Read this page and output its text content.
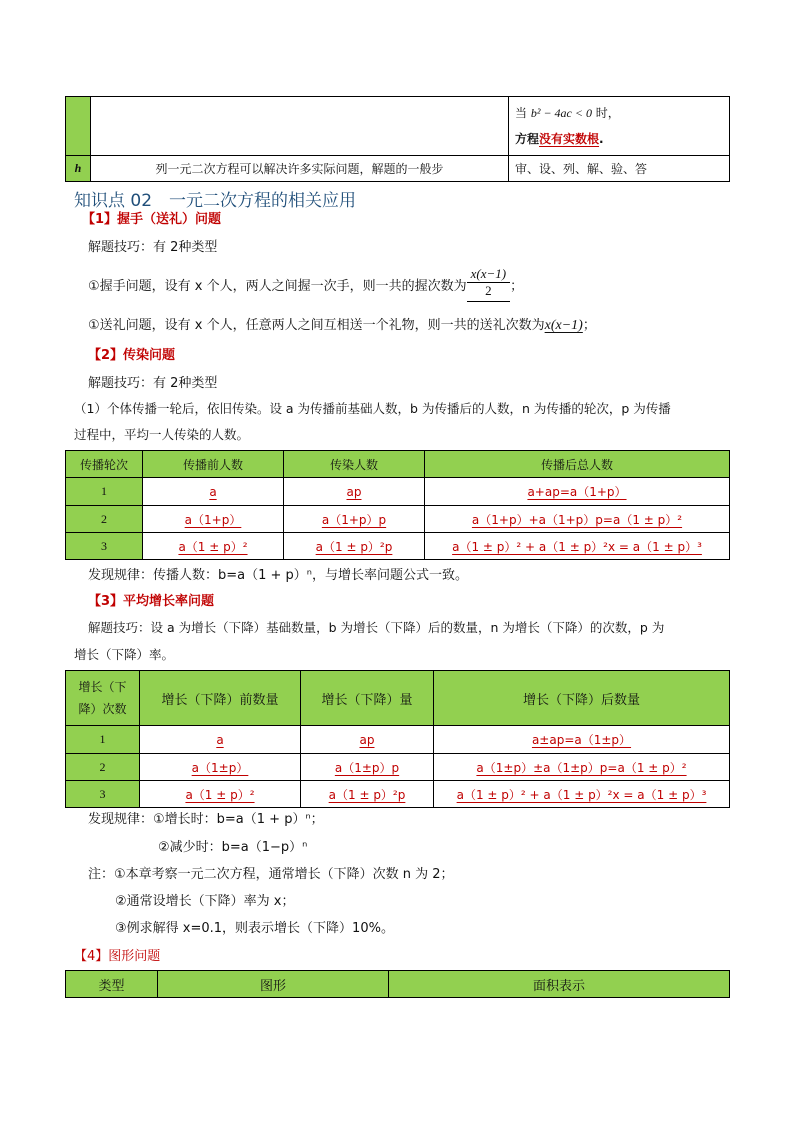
		当 b² − 4ac < 0 时，
方程没有实数根.

h	列一元二次方程可以解决许多实际问题，解题的一般步	审、设、列、解、验、答
知识点 02　一元二次方程的相关应用
【1】握手（送礼）问题
解题技巧：有 2种类型
①握手问题，设有 x 个人，两人之间握一次手，则一共的握次数为 $\frac{x(x-1)}{2}$ ；
①送礼问题，设有 x 个人，任意两人之间互相送一个礼物，则一共的送礼次数为x(x−1)；
【2】传染问题
解题技巧：有 2种类型
（1）个体传播一轮后，依旧传染。设 a 为传播前基础人数，b 为传播后的人数，n 为传播的轮次，p 为传播
过程中，平均一人传染的人数。
传播轮次	传播前人数	传染人数	传播后总人数
1	a	ap	a+ap=a（1+p）
2	a（1+p）	a（1+p）p	a（1+p）+a（1+p）p=a（1 ± p）²
3	a（1 ± p）²	a（1 ± p）²p	a（1 ± p）² + a（1 ± p）²x = a（1 ± p）³
发现规律：传播人数：b=a（1 + p）ⁿ，与增长率问题公式一致。
【3】平均增长率问题
解题技巧：设 a 为增长（下降）基础数量，b 为增长（下降）后的数量，n 为增长（下降）的次数，p 为
增长（下降）率。
增长（下
降）次数	增长（下降）前数量	增长（下降）量	增长（下降）后数量
1	a	ap	a±ap=a（1±p）
2	a（1±p）	a（1±p）p	a（1±p）±a（1±p）p=a（1 ± p）²
3	a（1 ± p）²	a（1 ± p）²p	a（1 ± p）² + a（1 ± p）²x = a（1 ± p）³
发现规律：①增长时：b=a（1 + p）ⁿ；
②减少时：b=a（1−p）ⁿ
注：①本章考察一元二次方程，通常增长（下降）次数 n 为 2；
②通常设增长（下降）率为 x；
③例求解得 x=0.1，则表示增长（下降）10%。
【4】图形问题
类型	图形	面积表示
